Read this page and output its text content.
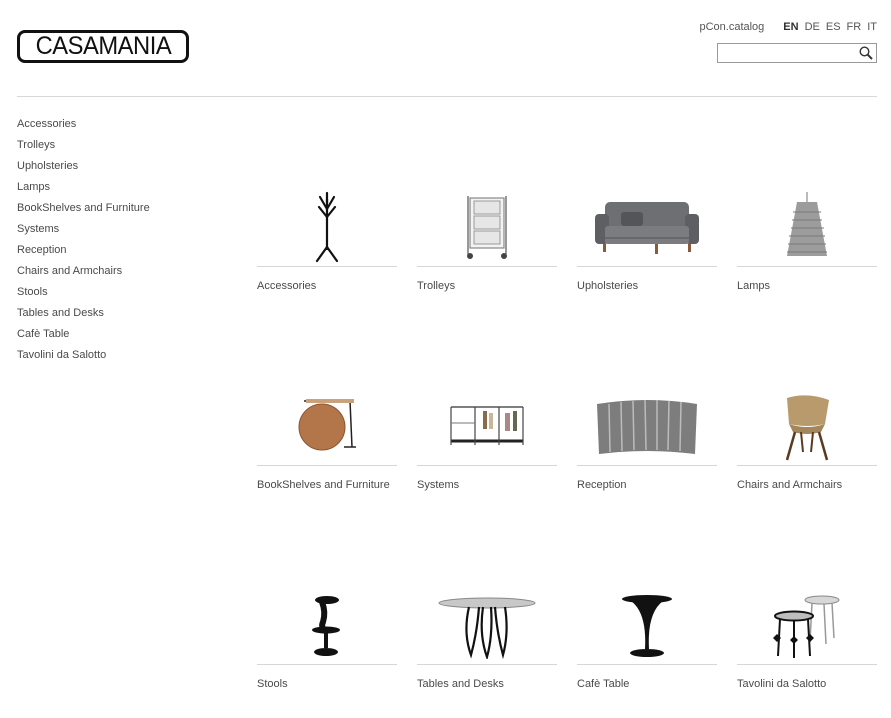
CASAMANIA
pCon.catalog EN DE ES FR IT
Accessories
Trolleys
Upholsteries
Lamps
BookShelves and Furniture
Systems
Reception
Chairs and Armchairs
Stools
Tables and Desks
Cafè Table
Tavolini da Salotto
Accessories	Trolleys	Upholsteries	Lamps
BookShelves and Furniture	Systems	Reception	Chairs and Armchairs
Stools	Tables and Desks	Cafè Table	Tavolini da Salotto
